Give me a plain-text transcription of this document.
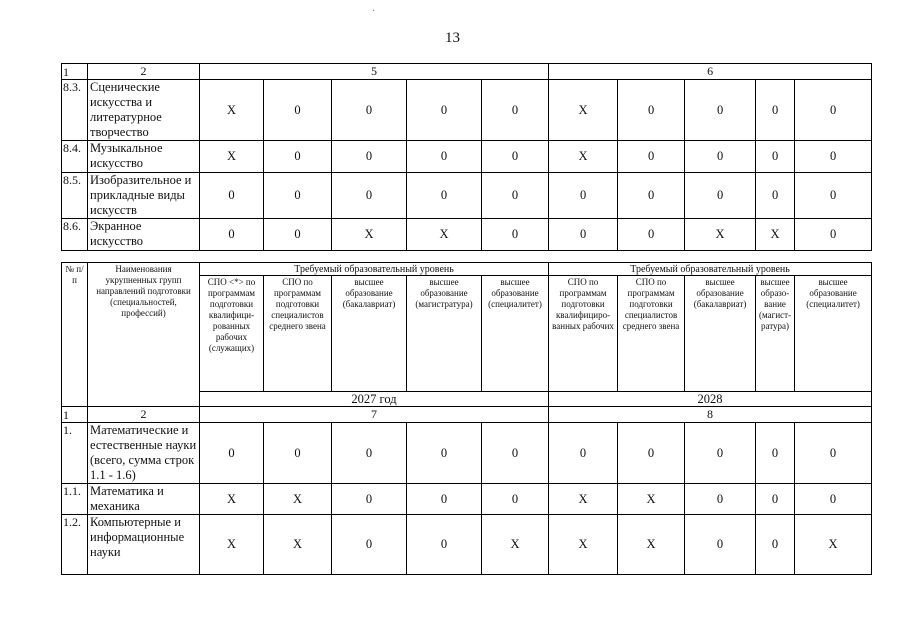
·
13
1	2	5					6				
8.3.	Сценические искусства и литературное творчество	X	0	0	0	0	X	0	0	0	0
8.4.	Музыкальное искусство	X	0	0	0	0	X	0	0	0	0
8.5.	Изобразительное и прикладные виды искусств	0	0	0	0	0	0	0	0	0	0
8.6.	Экранное искусство	0	0	X	X	0	0	0	X	X	0
№ п/п	Наименования укрупненных групп направлений подготовки (специальностей, профессий)	Требуемый образовательный уровень					Требуемый образовательный уровень				
		СПО <*> по программам подготовки квалифици-рованных рабочих (служащих)	СПО по программам подготовки специалистов среднего звена	высшее образование (бакалавриат)	высшее образование (магистратура)	высшее образование (специалитет)	СПО по программам подготовки квалифициро-ванных рабочих	СПО по программам подготовки специалистов среднего звена	высшее образование (бакалавриат)	высшее образо-вание (магист-ратура)	высшее образование (специалитет)
		2027 год					2028				
1	2	7					8				
1.	Математические и естественные науки (всего, сумма строк 1.1 - 1.6)	0	0	0	0	0	0	0	0	0	0
1.1.	Математика и механика	X	X	0	0	0	X	X	0	0	0
1.2.	Компьютерные и информационные науки	X	X	0	0	X	X	X	0	0	X
